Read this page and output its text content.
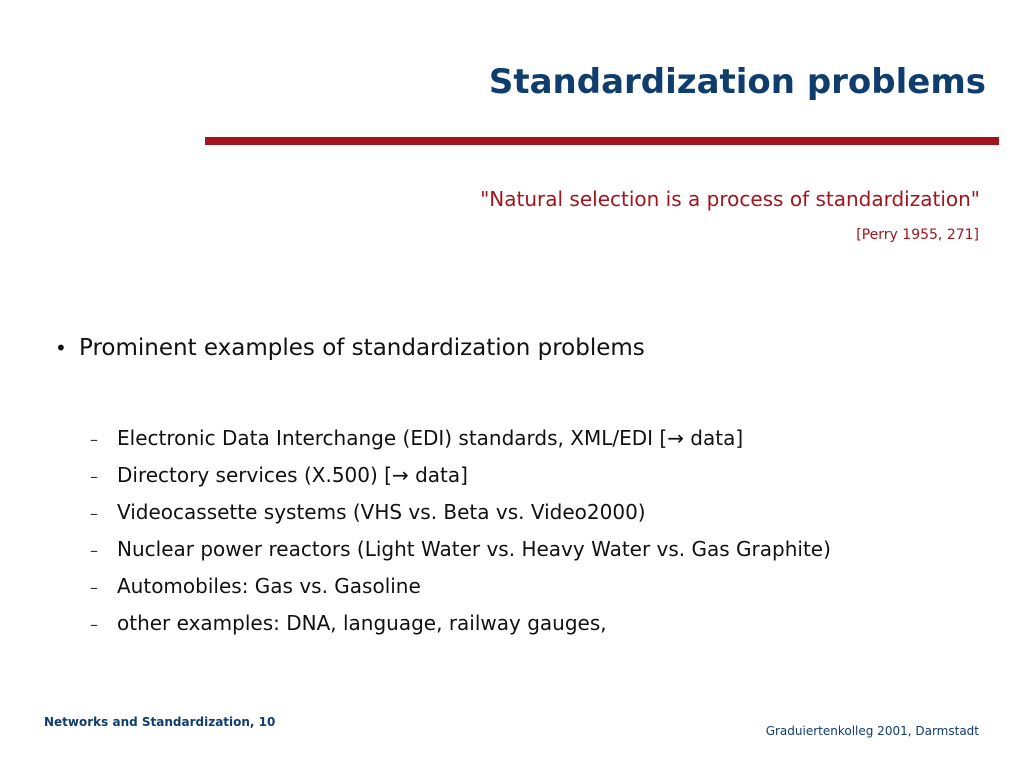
Standardization problems
"Natural selection is a process of standardization"
[Perry 1955, 271]
• Prominent examples of standardization problems
– Electronic Data Interchange (EDI) standards, XML/EDI [→ data]
– Directory services (X.500) [→ data]
– Videocassette systems (VHS vs. Beta vs. Video2000)
– Nuclear power reactors (Light Water vs. Heavy Water vs. Gas Graphite)
– Automobiles: Gas vs. Gasoline
– other examples: DNA, language, railway gauges,
Networks and Standardization, 10
Graduiertenkolleg 2001, Darmstadt
